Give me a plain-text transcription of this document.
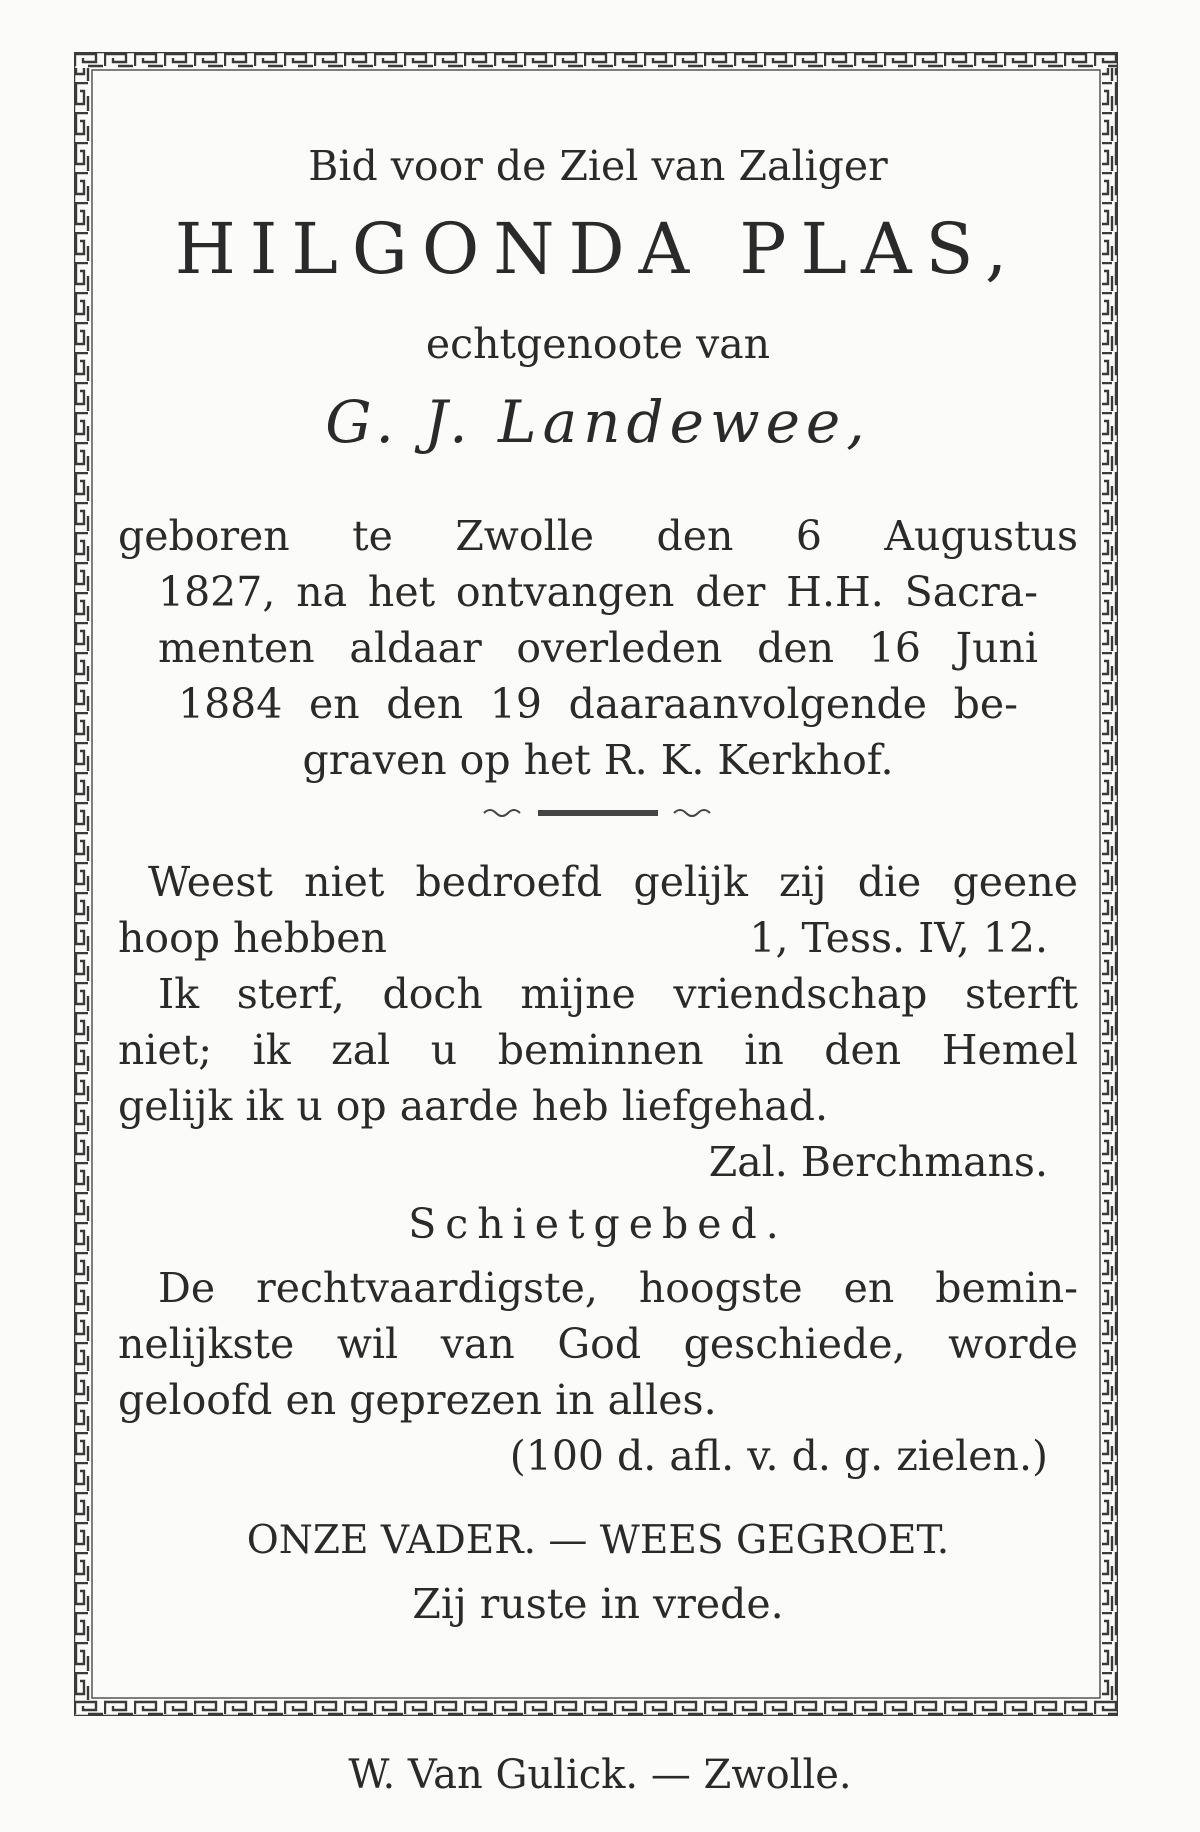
Bid voor de Ziel van Zaliger
HILGONDA PLAS,
echtgenoote van
G. J. Landewee,
geboren te Zwolle den 6 Augustus
1827, na het ontvangen der H.H. Sacra-
menten aldaar overleden den 16 Juni
1884 en den 19 daaraanvolgende be-
graven op het R. K. Kerkhof.
Weest niet bedroefd gelijk zij die geene
hoop hebben	1, Tess. IV, 12.
Ik sterf, doch mijne vriendschap sterft
niet; ik zal u beminnen in den Hemel
gelijk ik u op aarde heb liefgehad.
Zal. Berchmans.
Schietgebed.
De rechtvaardigste, hoogste en bemin-
nelijkste wil van God geschiede, worde
geloofd en geprezen in alles.
(100 d. afl. v. d. g. zielen.)
ONZE VADER. — WEES GEGROET.
Zij ruste in vrede.
W. Van Gulick. — Zwolle.
